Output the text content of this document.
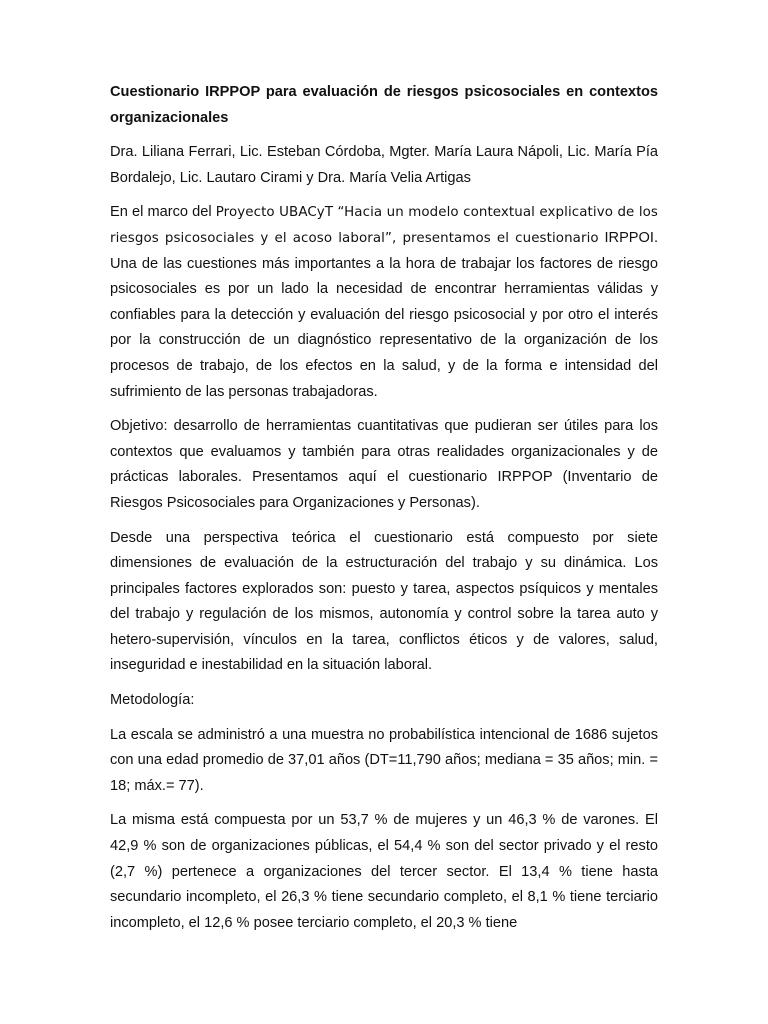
Cuestionario IRPPOP para evaluación de riesgos psicosociales en contextos organizacionales

Dra. Liliana Ferrari, Lic. Esteban Córdoba, Mgter. María Laura Nápoli, Lic. María Pía Bordalejo, Lic. Lautaro Cirami y Dra. María Velia Artigas

En el marco del Proyecto UBACyT “Hacia un modelo contextual explicativo de los riesgos psicosociales y el acoso laboral”, presentamos el cuestionario IRPPOI. Una de las cuestiones más importantes a la hora de trabajar los factores de riesgo psicosociales es por un lado la necesidad de encontrar herramientas válidas y confiables para la detección y evaluación del riesgo psicosocial y por otro el interés por la construcción de un diagnóstico representativo de la organización de los procesos de trabajo, de los efectos en la salud, y de la forma e intensidad del sufrimiento de las personas trabajadoras.

Objetivo: desarrollo de herramientas cuantitativas que pudieran ser útiles para los contextos que evaluamos y también para otras realidades organizacionales y de prácticas laborales. Presentamos aquí el cuestionario IRPPOP (Inventario de Riesgos Psicosociales para Organizaciones y Personas).

Desde una perspectiva teórica el cuestionario está compuesto por siete dimensiones de evaluación de la estructuración del trabajo y su dinámica. Los principales factores explorados son: puesto y tarea, aspectos psíquicos y mentales del trabajo y regulación de los mismos, autonomía y control sobre la tarea auto y hetero-supervisión, vínculos en la tarea, conflictos éticos y de valores, salud, inseguridad e inestabilidad en la situación laboral.

Metodología:

La escala se administró a una muestra no probabilística intencional de 1686 sujetos con una edad promedio de 37,01 años (DT=11,790 años; mediana = 35 años; min. = 18; máx.= 77).

La misma está compuesta por un 53,7 % de mujeres y un 46,3 % de varones. El 42,9 % son de organizaciones públicas, el 54,4 % son del sector privado y el resto (2,7 %) pertenece a organizaciones del tercer sector. El 13,4 % tiene hasta secundario incompleto, el 26,3 % tiene secundario completo, el 8,1 % tiene terciario incompleto, el 12,6 % posee terciario completo, el 20,3 % tiene
